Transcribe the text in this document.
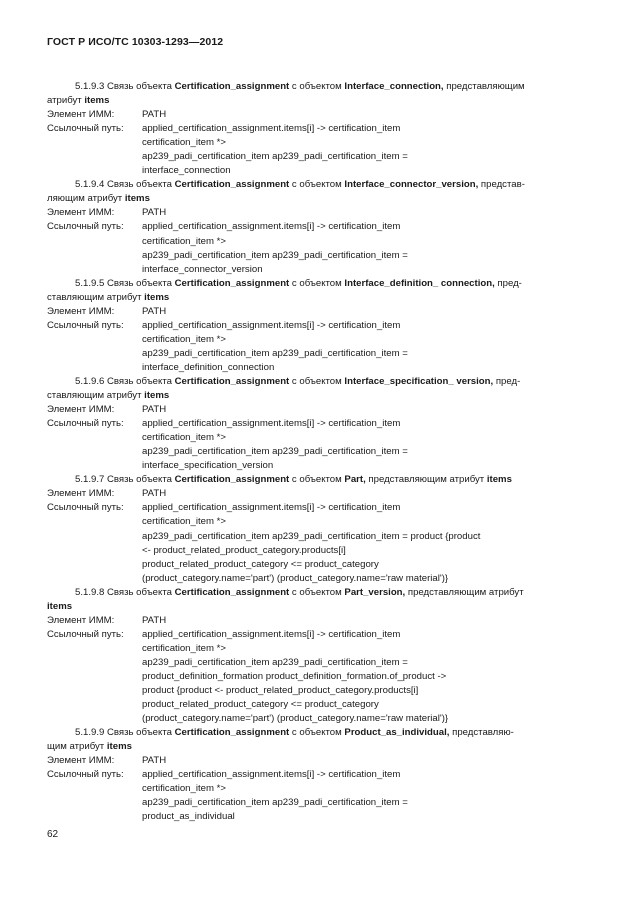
ГОСТ Р ИСО/ТС 10303-1293—2012
5.1.9.3 Связь объекта Certification_assignment с объектом Interface_connection, представляющим
атрибут items
Элемент ИММ:	PATH
Ссылочный путь:	applied_certification_assignment.items[i] -> certification_item
certification_item *>
ap239_padi_certification_item ap239_padi_certification_item =
interface_connection
5.1.9.4 Связь объекта Certification_assignment с объектом Interface_connector_version, представ-
ляющим атрибут items
Элемент ИММ:	PATH
Ссылочный путь:	applied_certification_assignment.items[i] -> certification_item
certification_item *>
ap239_padi_certification_item ap239_padi_certification_item =
interface_connector_version
5.1.9.5 Связь объекта Certification_assignment с объектом Interface_definition_ connection, пред-
ставляющим атрибут items
Элемент ИММ:	PATH
Ссылочный путь:	applied_certification_assignment.items[i] -> certification_item
certification_item *>
ap239_padi_certification_item ap239_padi_certification_item =
interface_definition_connection
5.1.9.6 Связь объекта Certification_assignment с объектом Interface_specification_ version, пред-
ставляющим атрибут items
Элемент ИММ:	PATH
Ссылочный путь:	applied_certification_assignment.items[i] -> certification_item
certification_item *>
ap239_padi_certification_item ap239_padi_certification_item =
interface_specification_version
5.1.9.7 Связь объекта Certification_assignment с объектом Part, представляющим атрибут items
Элемент ИММ:	PATH
Ссылочный путь:	applied_certification_assignment.items[i] -> certification_item
certification_item *>
ap239_padi_certification_item ap239_padi_certification_item = product {product
<- product_related_product_category.products[i]
product_related_product_category <= product_category
(product_category.name='part') (product_category.name='raw material')}
5.1.9.8 Связь объекта Certification_assignment с объектом Part_version, представляющим атрибут
items
Элемент ИММ:	PATH
Ссылочный путь:	applied_certification_assignment.items[i] -> certification_item
certification_item *>
ap239_padi_certification_item ap239_padi_certification_item =
product_definition_formation product_definition_formation.of_product ->
product {product <- product_related_product_category.products[i]
product_related_product_category <= product_category
(product_category.name='part') (product_category.name='raw material')}
5.1.9.9 Связь объекта Certification_assignment с объектом Product_as_individual, представляю-
щим атрибут items
Элемент ИММ:	PATH
Ссылочный путь:	applied_certification_assignment.items[i] -> certification_item
certification_item *>
ap239_padi_certification_item ap239_padi_certification_item =
product_as_individual
62
